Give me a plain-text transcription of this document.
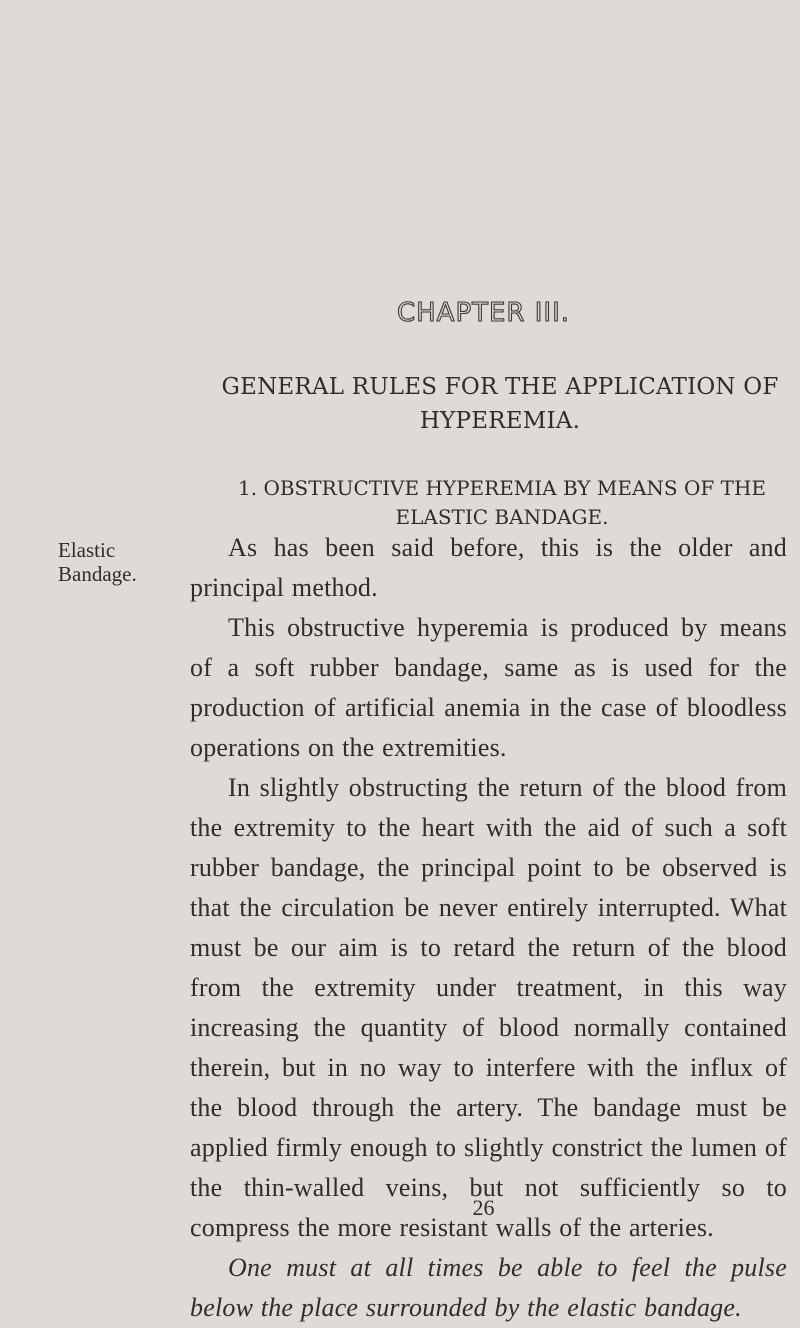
CHAPTER III.
GENERAL RULES FOR THE APPLICATION OF HYPEREMIA.
1. OBSTRUCTIVE HYPEREMIA BY MEANS OF THE ELASTIC BANDAGE.
Elastic Bandage.

As has been said before, this is the older and principal method.

This obstructive hyperemia is produced by means of a soft rubber bandage, same as is used for the production of artificial anemia in the case of bloodless operations on the extremities.

In slightly obstructing the return of the blood from the extremity to the heart with the aid of such a soft rubber bandage, the principal point to be observed is that the circulation be never entirely interrupted. What must be our aim is to retard the return of the blood from the extremity under treatment, in this way increasing the quantity of blood normally contained therein, but in no way to interfere with the influx of the blood through the artery. The bandage must be applied firmly enough to slightly constrict the lumen of the thin-walled veins, but not sufficiently so to compress the more resistant walls of the arteries.

One must at all times be able to feel the pulse below the place surrounded by the elastic bandage.

26
